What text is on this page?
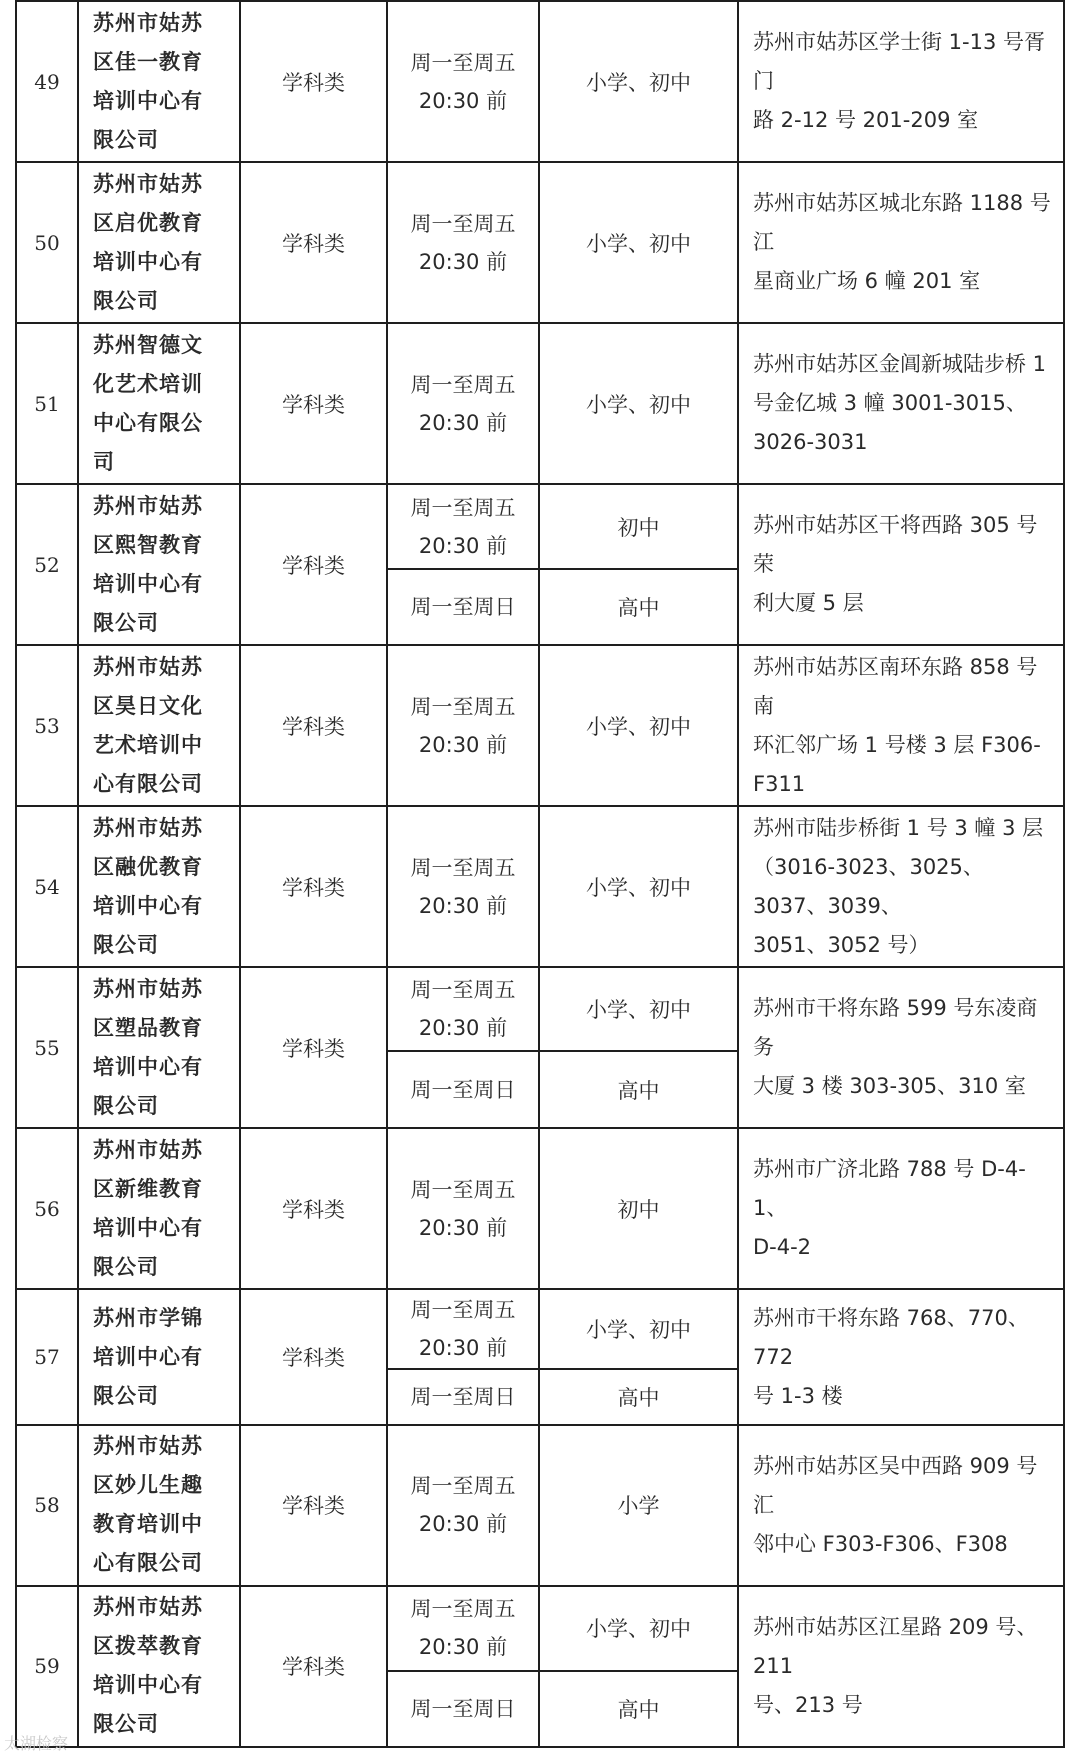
49	苏州市姑苏
区佳一教育
培训中心有
限公司	学科类	周一至周五
20:30 前	小学、初中	苏州市姑苏区学士街 1-13 号胥门
路 2-12 号 201-209 室

50	苏州市姑苏
区启优教育
培训中心有
限公司	学科类	周一至周五
20:30 前	小学、初中	苏州市姑苏区城北东路 1188 号江
星商业广场 6 幢 201 室

51	苏州智德文
化艺术培训
中心有限公
司	学科类	周一至周五
20:30 前	小学、初中	苏州市姑苏区金阊新城陆步桥 1
号金亿城 3 幢 3001-3015、
3026-3031

52	苏州市姑苏
区熙智教育
培训中心有
限公司	学科类	周一至周五
20:30 前	初中	苏州市姑苏区干将西路 305 号荣
利大厦 5 层

			周一至周日	高中	
53	苏州市姑苏
区昊日文化
艺术培训中
心有限公司	学科类	周一至周五
20:30 前	小学、初中	苏州市姑苏区南环东路 858 号南
环汇邻广场 1 号楼 3 层 F306-F311

54	苏州市姑苏
区融优教育
培训中心有
限公司	学科类	周一至周五
20:30 前	小学、初中	苏州市陆步桥街 1 号 3 幢 3 层
（3016-3023、3025、3037、3039、
3051、3052 号）

55	苏州市姑苏
区塑品教育
培训中心有
限公司	学科类	周一至周五
20:30 前	小学、初中	苏州市干将东路 599 号东凌商务
大厦 3 楼 303-305、310 室

			周一至周日	高中	
56	苏州市姑苏
区新维教育
培训中心有
限公司	学科类	周一至周五
20:30 前	初中	苏州市广济北路 788 号 D-4-1、
D-4-2

57	苏州市学锦
培训中心有
限公司	学科类	周一至周五
20:30 前	小学、初中	苏州市干将东路 768、770、772
号 1-3 楼

			周一至周日	高中	
58	苏州市姑苏
区妙儿生趣
教育培训中
心有限公司	学科类	周一至周五
20:30 前	小学	苏州市姑苏区吴中西路 909 号汇
邻中心 F303-F306、F308

59	苏州市姑苏
区拨萃教育
培训中心有
限公司	学科类	周一至周五
20:30 前	小学、初中	苏州市姑苏区江星路 209 号、211
号、213 号

			周一至周日	高中	
太湖检察
